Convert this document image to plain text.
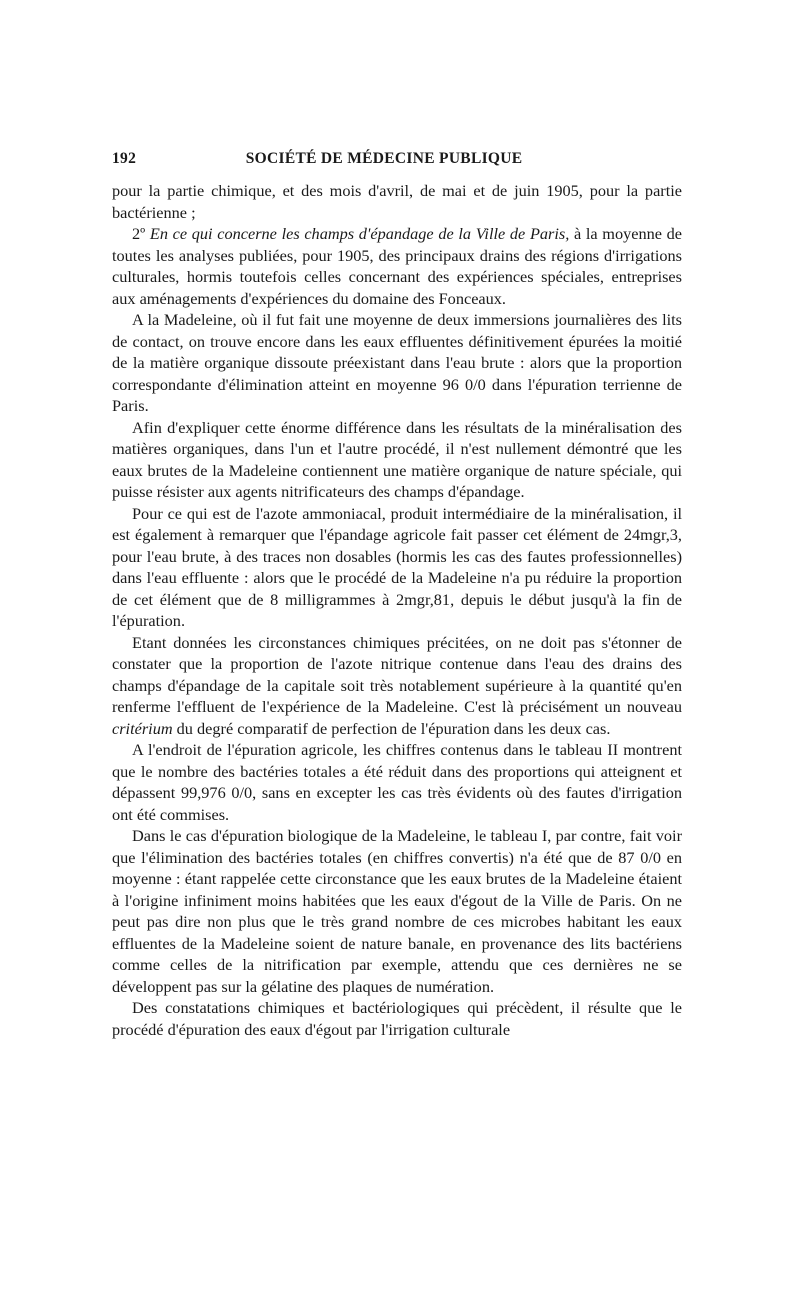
192	SOCIÉTÉ DE MÉDECINE PUBLIQUE

pour la partie chimique, et des mois d'avril, de mai et de juin 1905, pour la partie bactérienne ;

2º En ce qui concerne les champs d'épandage de la Ville de Paris, à la moyenne de toutes les analyses publiées, pour 1905, des principaux drains des régions d'irrigations culturales, hormis toutefois celles concernant des expériences spéciales, entreprises aux aménagements d'expériences du domaine des Fonceaux.

A la Madeleine, où il fut fait une moyenne de deux immersions journalières des lits de contact, on trouve encore dans les eaux effluentes définitivement épurées la moitié de la matière organique dissoute préexistant dans l'eau brute : alors que la proportion correspondante d'élimination atteint en moyenne 96 0/0 dans l'épuration terrienne de Paris.

Afin d'expliquer cette énorme différence dans les résultats de la minéralisation des matières organiques, dans l'un et l'autre procédé, il n'est nullement démontré que les eaux brutes de la Madeleine contiennent une matière organique de nature spéciale, qui puisse résister aux agents nitrificateurs des champs d'épandage.

Pour ce qui est de l'azote ammoniacal, produit intermédiaire de la minéralisation, il est également à remarquer que l'épandage agricole fait passer cet élément de 24mgr,3, pour l'eau brute, à des traces non dosables (hormis les cas des fautes professionnelles) dans l'eau effluente : alors que le procédé de la Madeleine n'a pu réduire la proportion de cet élément que de 8 milligrammes à 2mgr,81, depuis le début jusqu'à la fin de l'épuration.

Etant données les circonstances chimiques précitées, on ne doit pas s'étonner de constater que la proportion de l'azote nitrique contenue dans l'eau des drains des champs d'épandage de la capitale soit très notablement supérieure à la quantité qu'en renferme l'effluent de l'expérience de la Madeleine. C'est là précisément un nouveau critérium du degré comparatif de perfection de l'épuration dans les deux cas.

A l'endroit de l'épuration agricole, les chiffres contenus dans le tableau II montrent que le nombre des bactéries totales a été réduit dans des proportions qui atteignent et dépassent 99,976 0/0, sans en excepter les cas très évidents où des fautes d'irrigation ont été commises.

Dans le cas d'épuration biologique de la Madeleine, le tableau I, par contre, fait voir que l'élimination des bactéries totales (en chiffres convertis) n'a été que de 87 0/0 en moyenne : étant rappelée cette circonstance que les eaux brutes de la Madeleine étaient à l'origine infiniment moins habitées que les eaux d'égout de la Ville de Paris. On ne peut pas dire non plus que le très grand nombre de ces microbes habitant les eaux effluentes de la Madeleine soient de nature banale, en provenance des lits bactériens comme celles de la nitrification par exemple, attendu que ces dernières ne se développent pas sur la gélatine des plaques de numération.

Des constatations chimiques et bactériologiques qui précèdent, il résulte que le procédé d'épuration des eaux d'égout par l'irrigation culturale
